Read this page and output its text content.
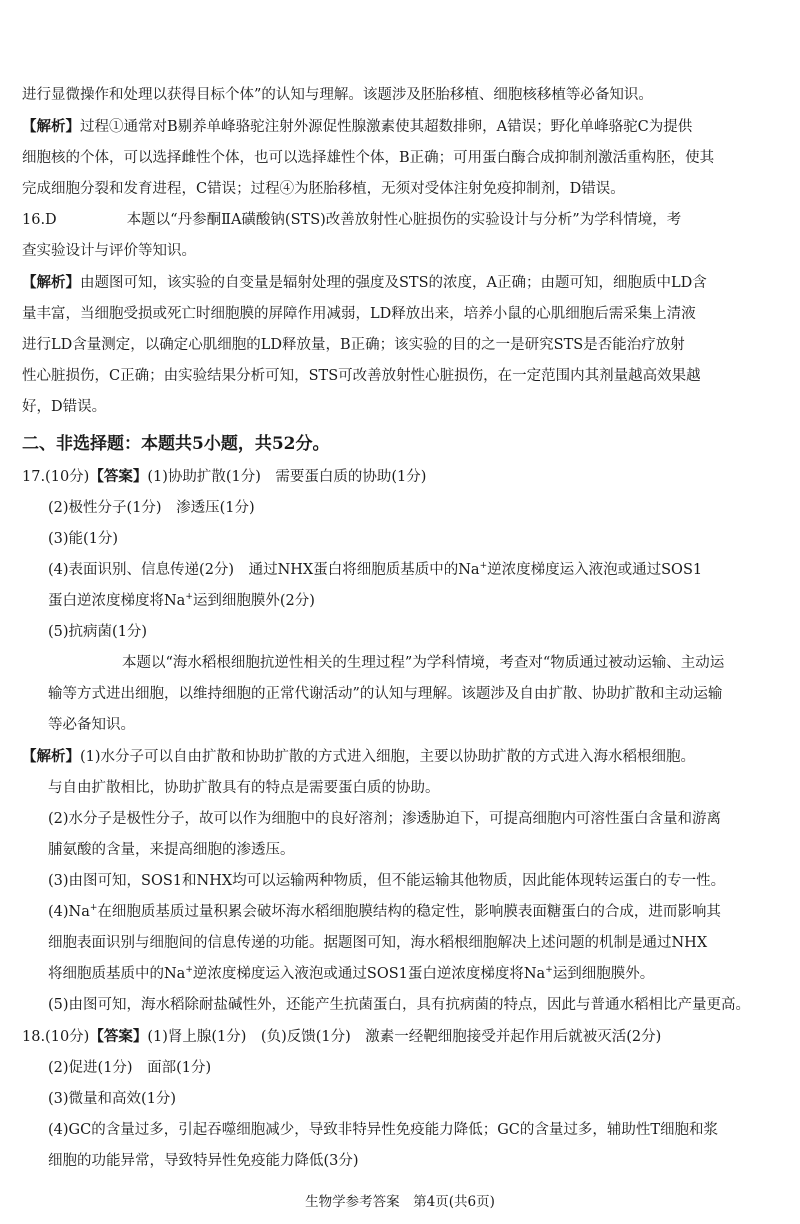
进行显微操作和处理以获得目标个体”的认知与理解。该题涉及胚胎移植、细胞核移植等必备知识。

【解析】过程①通常对B剔养单峰骆驼注射外源促性腺激素使其超数排卵，A错误；野化单峰骆驼C为提供

细胞核的个体，可以选择雌性个体，也可以选择雄性个体，B正确；可用蛋白酶合成抑制剂激活重构胚，使其

完成细胞分裂和发育进程，C错误；过程④为胚胎移植，无须对受体注射免疫抑制剂，D错误。

16.D	本题以“丹参酮ⅡA磺酸钠(STS)改善放射性心脏损伤的实验设计与分析”为学科情境，考

查实验设计与评价等知识。

【解析】由题图可知，该实验的自变量是辐射处理的强度及STS的浓度，A正确；由题可知，细胞质中LD含

量丰富，当细胞受损或死亡时细胞膜的屏障作用减弱，LD释放出来，培养小鼠的心肌细胞后需采集上清液

进行LD含量测定，以确定心肌细胞的LD释放量，B正确；该实验的目的之一是研究STS是否能治疗放射

性心脏损伤，C正确；由实验结果分析可知，STS可改善放射性心脏损伤，在一定范围内其剂量越高效果越

好，D错误。

二、非选择题：本题共5小题，共52分。

17.(10分)【答案】(1)协助扩散(1分)　需要蛋白质的协助(1分)

(2)极性分子(1分)　渗透压(1分)

(3)能(1分)

(4)表面识别、信息传递(2分)　通过NHX蛋白将细胞质基质中的Na+逆浓度梯度运入液泡或通过SOS1

蛋白逆浓度梯度将Na+运到细胞膜外(2分)

(5)抗病菌(1分)

本题以“海水稻根细胞抗逆性相关的生理过程”为学科情境，考查对“物质通过被动运输、主动运

输等方式进出细胞，以维持细胞的正常代谢活动”的认知与理解。该题涉及自由扩散、协助扩散和主动运输

等必备知识。

【解析】(1)水分子可以自由扩散和协助扩散的方式进入细胞，主要以协助扩散的方式进入海水稻根细胞。

与自由扩散相比，协助扩散具有的特点是需要蛋白质的协助。

(2)水分子是极性分子，故可以作为细胞中的良好溶剂；渗透胁迫下，可提高细胞内可溶性蛋白含量和游离

脯氨酸的含量，来提高细胞的渗透压。

(3)由图可知，SOS1和NHX均可以运输两种物质，但不能运输其他物质，因此能体现转运蛋白的专一性。

(4)Na+在细胞质基质过量积累会破坏海水稻细胞膜结构的稳定性，影响膜表面糖蛋白的合成，进而影响其

细胞表面识别与细胞间的信息传递的功能。据题图可知，海水稻根细胞解决上述问题的机制是通过NHX

将细胞质基质中的Na+逆浓度梯度运入液泡或通过SOS1蛋白逆浓度梯度将Na+运到细胞膜外。

(5)由图可知，海水稻除耐盐碱性外，还能产生抗菌蛋白，具有抗病菌的特点，因此与普通水稻相比产量更高。

18.(10分)【答案】(1)肾上腺(1分)　(负)反馈(1分)　激素一经靶细胞接受并起作用后就被灭活(2分)

(2)促进(1分)　面部(1分)

(3)微量和高效(1分)

(4)GC的含量过多，引起吞噬细胞减少，导致非特异性免疫能力降低；GC的含量过多，辅助性T细胞和浆

细胞的功能异常，导致特异性免疫能力降低(3分)

生物学参考答案　第4页(共6页)
